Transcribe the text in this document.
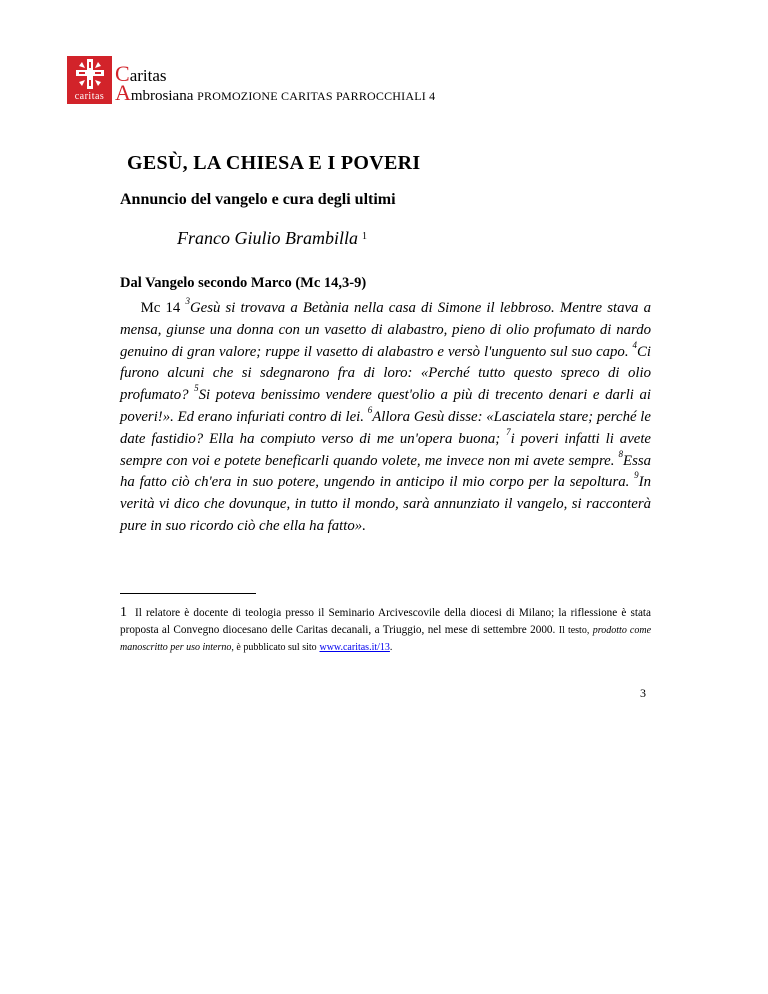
caritas
Caritas
Ambrosiana PROMOZIONE CARITAS PARROCCHIALI 4
GESÙ, LA CHIESA E I POVERI
Annuncio del vangelo e cura degli ultimi

Franco Giulio Brambilla $^1$

Dal Vangelo secondo Marco (Mc 14,3-9)

Mc 14 $^3$Gesù si trovava a Betània nella casa di Simone il lebbroso. Mentre stava a mensa, giunse una donna con un vasetto di alabastro, pieno di olio profumato di nardo genuino di gran valore; ruppe il vasetto di alabastro e versò l'unguento sul suo capo. $^4$Ci furono alcuni che si sdegnarono fra di loro: «Perché tutto questo spreco di olio profumato? $^5$Si poteva benissimo vendere quest'olio a più di trecento denari e darli ai poveri!». Ed erano infuriati contro di lei. $^6$Allora Gesù disse: «Lasciatela stare; perché le date fastidio? Ella ha compiuto verso di me un'opera buona; $^7$i poveri infatti li avete sempre con voi e potete beneficarli quando volete, me invece non mi avete sempre. $^8$Essa ha fatto ciò ch'era in suo potere, ungendo in anticipo il mio corpo per la sepoltura. $^9$In verità vi dico che dovunque, in tutto il mondo, sarà annunziato il vangelo, si racconterà pure in suo ricordo ciò che ella ha fatto».

1 Il relatore è docente di teologia presso il Seminario Arcivescovile della diocesi di Milano; la riflessione è stata proposta al Convegno diocesano delle Caritas decanali, a Triuggio, nel mese di settembre 2000. Il testo, prodotto come manoscritto per uso interno, è pubblicato sul sito www.caritas.it/13.

3
